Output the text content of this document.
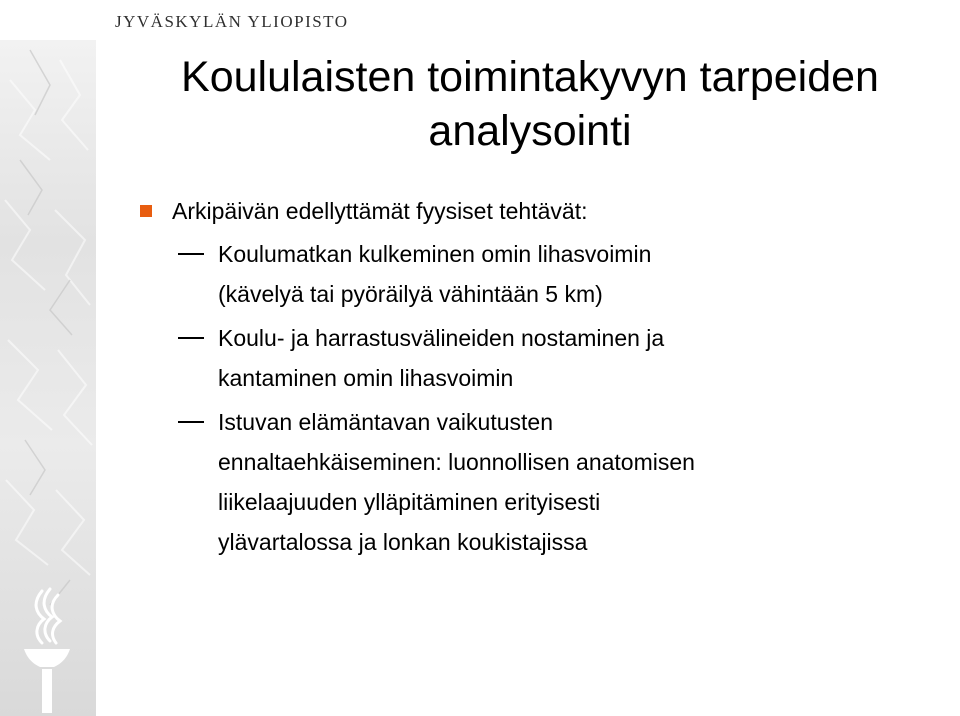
JYVÄSKYLÄN YLIOPISTO
Koululaisten toimintakyvyn tarpeiden
analysointi
Arkipäivän edellyttämät fyysiset tehtävät:
Koulumatkan kulkeminen omin lihasvoimin
(kävelyä tai pyöräilyä vähintään 5 km)
Koulu- ja harrastusvälineiden nostaminen ja
kantaminen omin lihasvoimin
Istuvan elämäntavan vaikutusten
ennaltaehkäiseminen: luonnollisen anatomisen
liikelaajuuden ylläpitäminen erityisesti
ylävartalossa ja lonkan koukistajissa
